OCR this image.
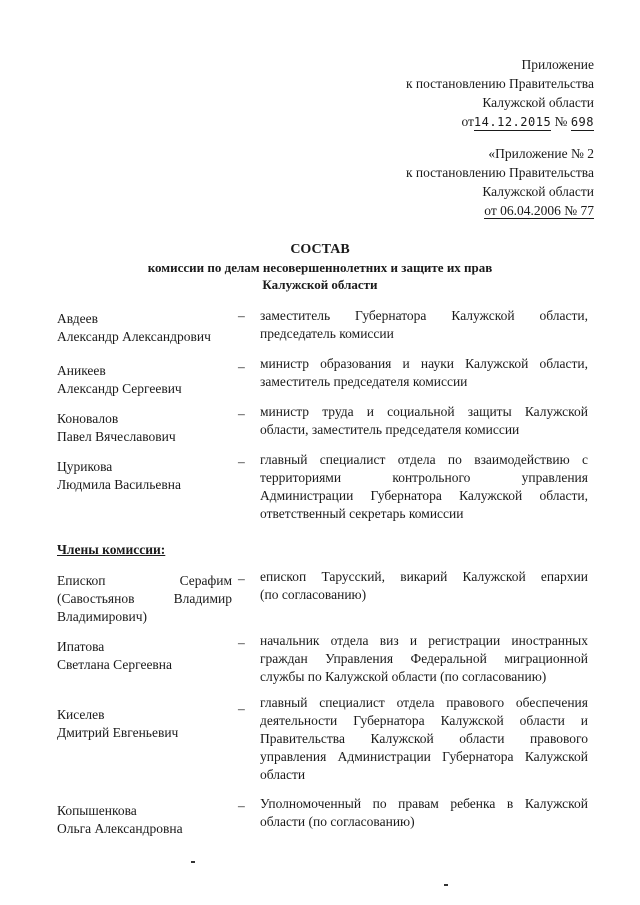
Приложение
к постановлению Правительства
Калужской области
от14.12.2015 № 698
«Приложение № 2
к постановлению Правительства
Калужской области
от 06.04.2006 № 77
СОСТАВ
комиссии по делам несовершеннолетних и защите их прав
Калужской области
Авдеев
Александр Александрович
– заместитель Губернатора Калужской области,
председатель комиссии
Аникеев
Александр Сергеевич
– министр образования и науки Калужской области,
заместитель председателя комиссии
Коновалов
Павел Вячеславович
– министр труда и социальной защиты Калужской
области, заместитель председателя комиссии
Цурикова
Людмила Васильевна
– главный специалист отдела по взаимодействию с
территориями контрольного управления
Администрации Губернатора Калужской области,
ответственный секретарь комиссии
Члены комиссии:
Епископ Серафим
(Савостьянов Владимир
Владимирович)
– епископ Тарусский, викарий Калужской епархии
(по согласованию)
Ипатова
Светлана Сергеевна
– начальник отдела виз и регистрации иностранных
граждан Управления Федеральной миграционной
службы по Калужской области (по согласованию)
Киселев
Дмитрий Евгеньевич
– главный специалист отдела правового обеспечения
деятельности Губернатора Калужской области и
Правительства Калужской области правового
управления Администрации Губернатора Калужской
области
Копышенкова
Ольга Александровна
– Уполномоченный по правам ребенка в Калужской
области (по согласованию)
